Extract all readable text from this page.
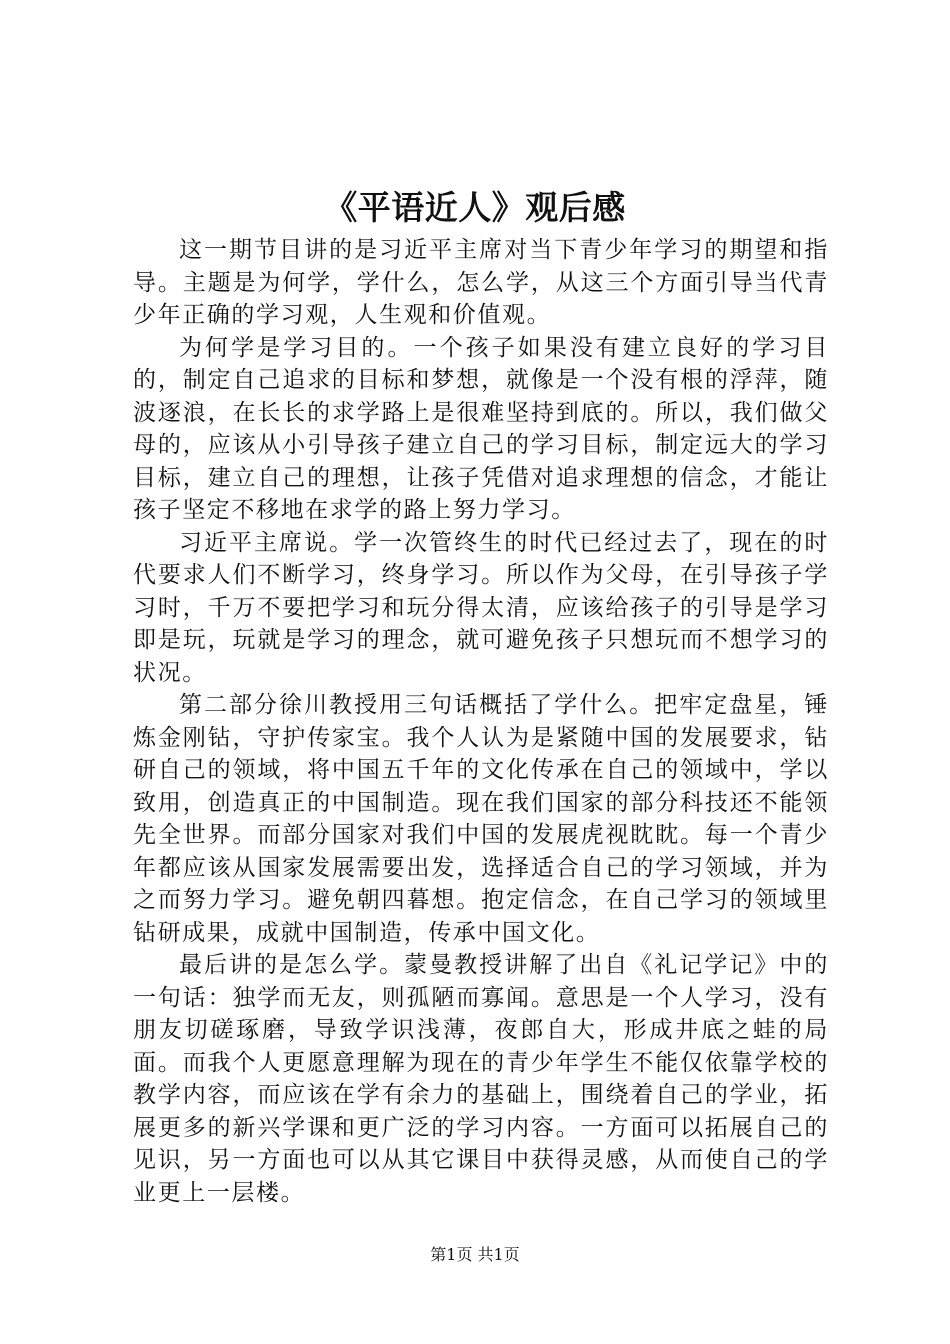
《平语近人》观后感

这一期节目讲的是习近平主席对当下青少年学习的期望和指导。主题是为何学，学什么，怎么学，从这三个方面引导当代青少年正确的学习观，人生观和价值观。

为何学是学习目的。一个孩子如果没有建立良好的学习目的，制定自己追求的目标和梦想，就像是一个没有根的浮萍，随波逐浪，在长长的求学路上是很难坚持到底的。所以，我们做父母的，应该从小引导孩子建立自己的学习目标，制定远大的学习目标，建立自己的理想，让孩子凭借对追求理想的信念，才能让孩子坚定不移地在求学的路上努力学习。

习近平主席说。学一次管终生的时代已经过去了，现在的时代要求人们不断学习，终身学习。所以作为父母，在引导孩子学习时，千万不要把学习和玩分得太清，应该给孩子的引导是学习即是玩，玩就是学习的理念，就可避免孩子只想玩而不想学习的状况。

第二部分徐川教授用三句话概括了学什么。把牢定盘星，锤炼金刚钻，守护传家宝。我个人认为是紧随中国的发展要求，钻研自己的领域，将中国五千年的文化传承在自己的领域中，学以致用，创造真正的中国制造。现在我们国家的部分科技还不能领先全世界。而部分国家对我们中国的发展虎视眈眈。每一个青少年都应该从国家发展需要出发，选择适合自己的学习领域，并为之而努力学习。避免朝四暮想。抱定信念，在自己学习的领域里钻研成果，成就中国制造，传承中国文化。

最后讲的是怎么学。蒙曼教授讲解了出自《礼记学记》中的一句话：独学而无友，则孤陋而寡闻。意思是一个人学习，没有朋友切磋琢磨，导致学识浅薄，夜郎自大，形成井底之蛙的局面。而我个人更愿意理解为现在的青少年学生不能仅依靠学校的教学内容，而应该在学有余力的基础上，围绕着自己的学业，拓展更多的新兴学课和更广泛的学习内容。一方面可以拓展自己的见识，另一方面也可以从其它课目中获得灵感，从而使自己的学业更上一层楼。

第1页 共1页
